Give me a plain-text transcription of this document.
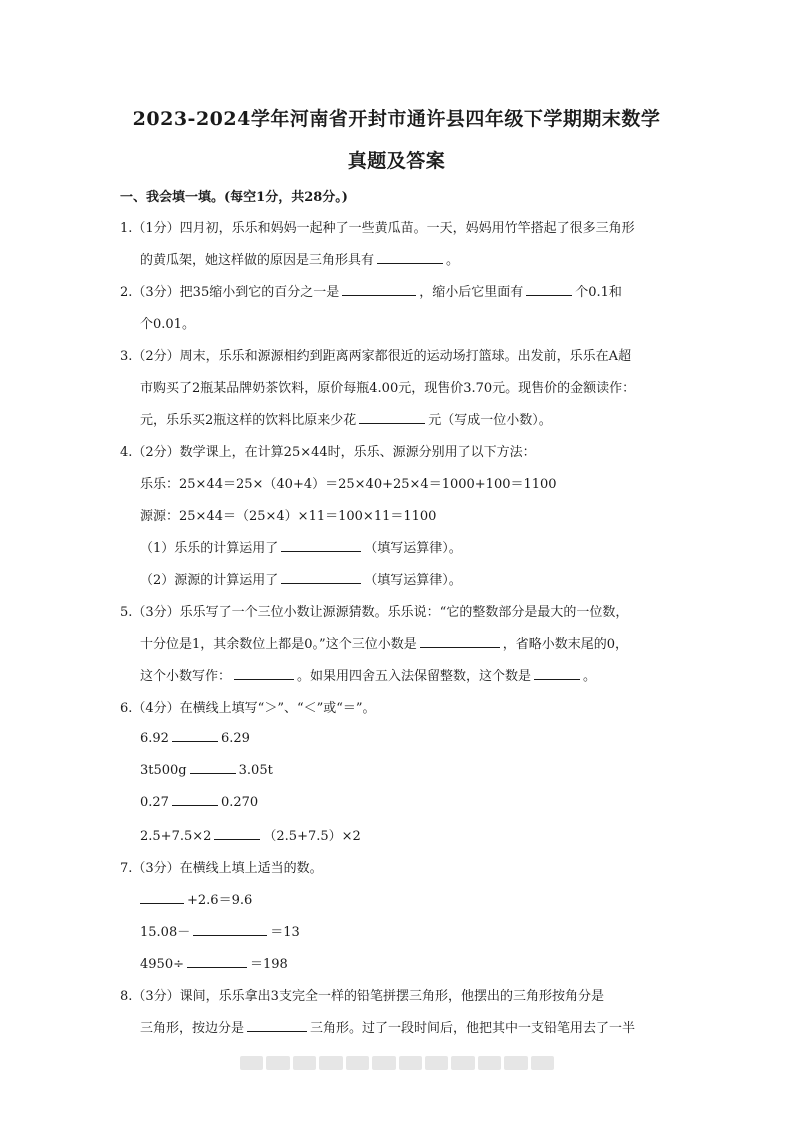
2023-2024学年河南省开封市通许县四年级下学期期末数学
真题及答案
一、我会填一填。(每空1分，共28分。)
1.（1分）四月初，乐乐和妈妈一起种了一些黄瓜苗。一天，妈妈用竹竿搭起了很多三角形
的黄瓜架，她这样做的原因是三角形具有	。
2.（3分）把35缩小到它的百分之一是	，缩小后它里面有	个0.1和
个0.01。
3.（2分）周末，乐乐和源源相约到距离两家都很近的运动场打篮球。出发前，乐乐在A超
市购买了2瓶某品牌奶茶饮料，原价每瓶4.00元，现售价3.70元。现售价的金额读作：
元，乐乐买2瓶这样的饮料比原来少花	元（写成一位小数）。
4.（2分）数学课上，在计算25×44时，乐乐、源源分别用了以下方法：
乐乐：25×44＝25×（40+4）＝25×40+25×4＝1000+100＝1100
源源：25×44＝（25×4）×11＝100×11＝1100
（1）乐乐的计算运用了	（填写运算律）。
（2）源源的计算运用了	（填写运算律）。
5.（3分）乐乐写了一个三位小数让源源猜数。乐乐说：“它的整数部分是最大的一位数，
十分位是1，其余数位上都是0。”这个三位小数是	，省略小数末尾的0，
这个小数写作：	。如果用四舍五入法保留整数，这个数是	。
6.（4分）在横线上填写“＞”、“＜”或“＝”。
6.92	6.29
3t500g	3.05t
0.27	0.270
2.5+7.5×2	（2.5+7.5）×2
7.（3分）在横线上填上适当的数。
+2.6＝9.6
15.08－	＝13
4950÷	＝198
8.（3分）课间，乐乐拿出3支完全一样的铅笔拼摆三角形，他摆出的三角形按角分是
三角形，按边分是	三角形。过了一段时间后，他把其中一支铅笔用去了一半
